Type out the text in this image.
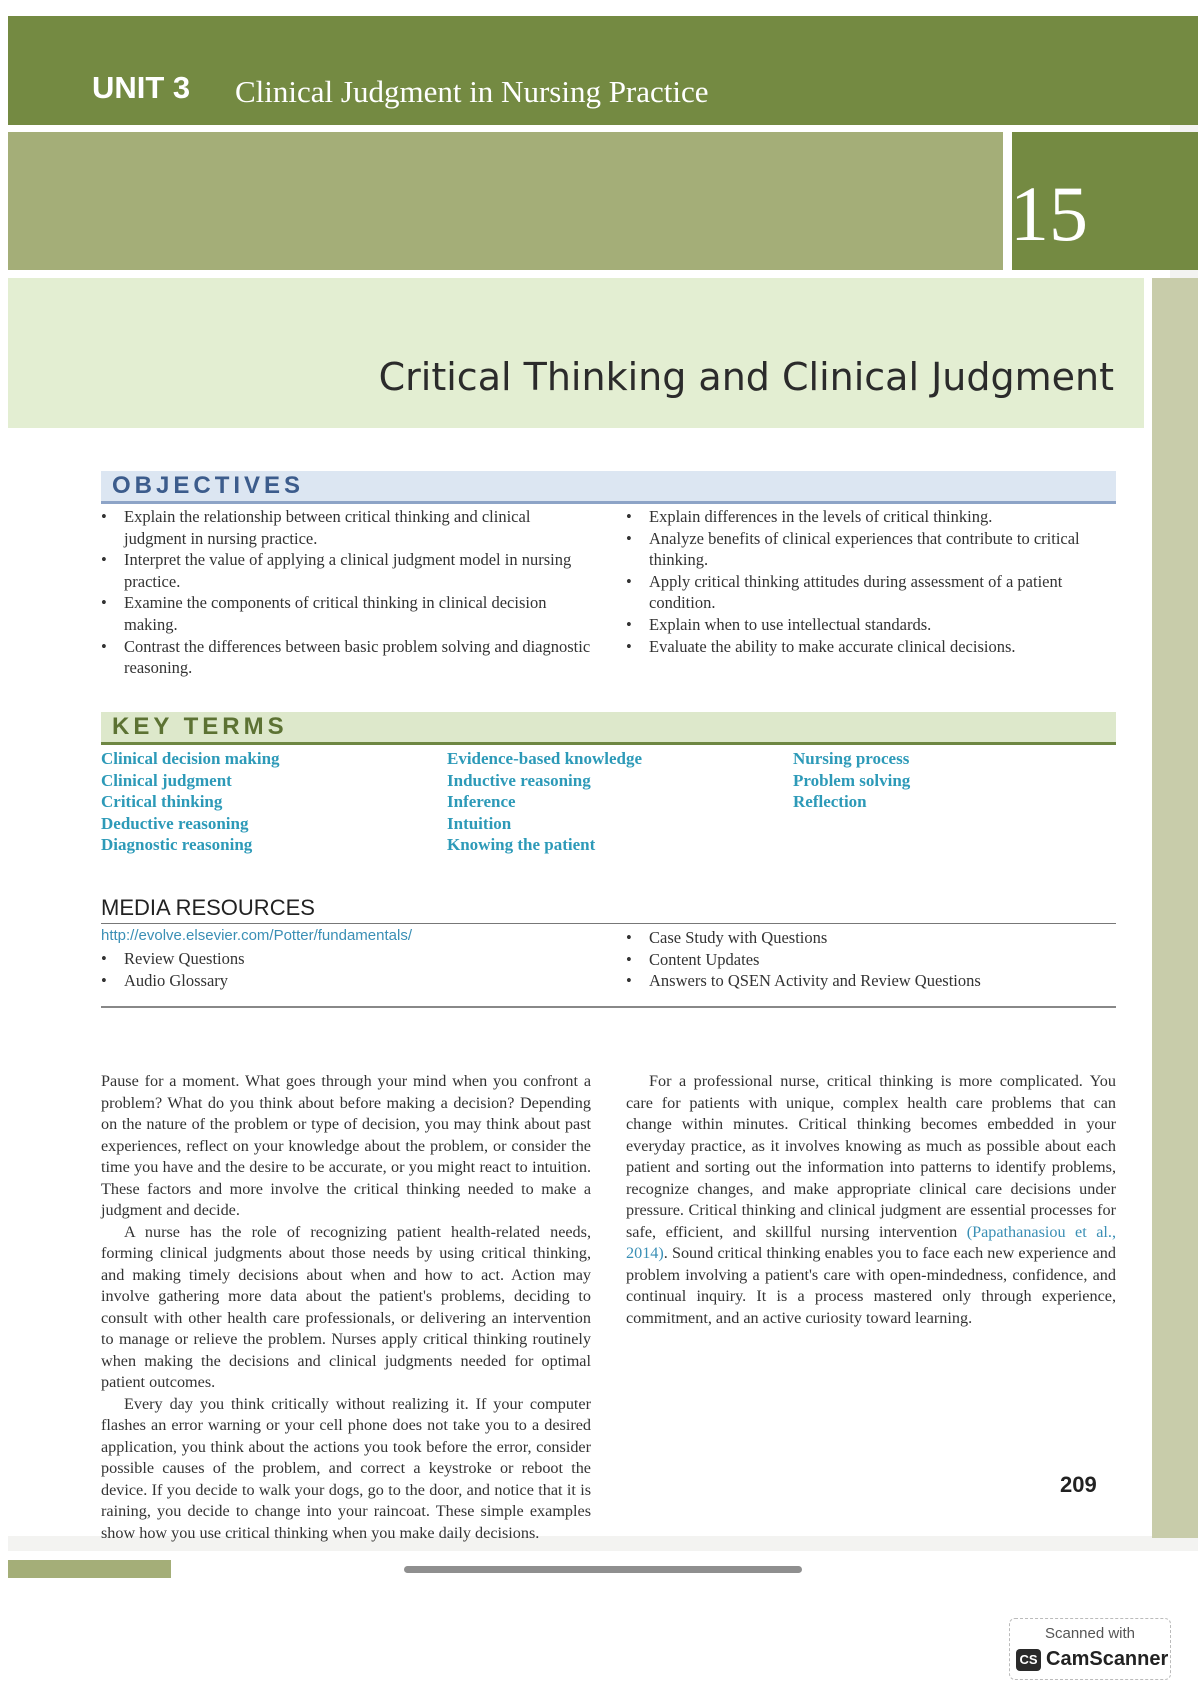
UNIT 3 Clinical Judgment in Nursing Practice
15
Critical Thinking and Clinical Judgment
OBJECTIVES
• Explain the relationship between critical thinking and clinical judgment in nursing practice.
• Interpret the value of applying a clinical judgment model in nursing practice.
• Examine the components of critical thinking in clinical decision making.
• Contrast the differences between basic problem solving and diagnostic reasoning.
• Explain differences in the levels of critical thinking.
• Analyze benefits of clinical experiences that contribute to critical thinking.
• Apply critical thinking attitudes during assessment of a patient condition.
• Explain when to use intellectual standards.
• Evaluate the ability to make accurate clinical decisions.
KEY TERMS
Clinical decision making
Clinical judgment
Critical thinking
Deductive reasoning
Diagnostic reasoning
Evidence-based knowledge
Inductive reasoning
Inference
Intuition
Knowing the patient
Nursing process
Problem solving
Reflection
MEDIA RESOURCES
http://evolve.elsevier.com/Potter/fundamentals/
• Review Questions
• Audio Glossary
• Case Study with Questions
• Content Updates
• Answers to QSEN Activity and Review Questions

Pause for a moment. What goes through your mind when you confront a problem? What do you think about before making a decision? Depending on the nature of the problem or type of decision, you may think about past experiences, reflect on your knowledge about the problem, or consider the time you have and the desire to be accurate, or you might react to intuition. These factors and more involve the critical thinking needed to make a judgment and decide.

A nurse has the role of recognizing patient health-related needs, forming clinical judgments about those needs by using critical thinking, and making timely decisions about when and how to act. Action may involve gathering more data about the patient's problems, deciding to consult with other health care professionals, or delivering an intervention to manage or relieve the problem. Nurses apply critical thinking routinely when making the decisions and clinical judgments needed for optimal patient outcomes.

Every day you think critically without realizing it. If your computer flashes an error warning or your cell phone does not take you to a desired application, you think about the actions you took before the error, consider possible causes of the problem, and correct a keystroke or reboot the device. If you decide to walk your dogs, go to the door, and notice that it is raining, you decide to change into your raincoat. These simple examples show how you use critical thinking when you make daily decisions.

For a professional nurse, critical thinking is more complicated. You care for patients with unique, complex health care problems that can change within minutes. Critical thinking becomes embedded in your everyday practice, as it involves knowing as much as possible about each patient and sorting out the information into patterns to identify problems, recognize changes, and make appropriate clinical care decisions under pressure. Critical thinking and clinical judgment are essential processes for safe, efficient, and skillful nursing intervention (Papathanasiou et al., 2014). Sound critical thinking enables you to face each new experience and problem involving a patient's care with open-mindedness, confidence, and continual inquiry. It is a process mastered only through experience, commitment, and an active curiosity toward learning.

209
Scanned with
CS CamScanner
